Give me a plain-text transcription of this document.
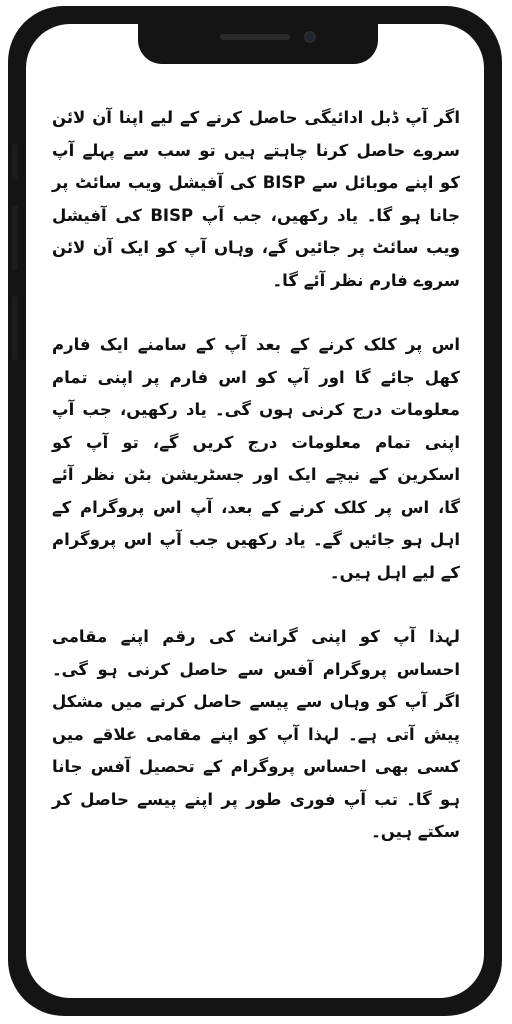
اگر آپ ڈبل ادائیگی حاصل کرنے کے لیے اپنا آن لائن سروے حاصل کرنا چاہتے ہیں تو سب سے پہلے آپ کو اپنے موبائل سے BISP کی آفیشل ویب سائٹ پر جانا ہو گا۔ یاد رکھیں، جب آپ BISP کی آفیشل ویب سائٹ پر جائیں گے، وہاں آپ کو ایک آن لائن سروے فارم نظر آئے گا۔

اس پر کلک کرنے کے بعد آپ کے سامنے ایک فارم کھل جائے گا اور آپ کو اس فارم پر اپنی تمام معلومات درج کرنی ہوں گی۔ یاد رکھیں، جب آپ اپنی تمام معلومات درج کریں گے، تو آپ کو اسکرین کے نیچے ایک اور جسٹریشن بٹن نظر آئے گا، اس پر کلک کرنے کے بعد، آپ اس پروگرام کے اہل ہو جائیں گے۔ یاد رکھیں جب آپ اس پروگرام کے لیے اہل ہیں۔

لہذا آپ کو اپنی گرانٹ کی رقم اپنے مقامی احساس پروگرام آفس سے حاصل کرنی ہو گی۔ اگر آپ کو وہاں سے پیسے حاصل کرنے میں مشکل پیش آتی ہے۔ لہذا آپ کو اپنے مقامی علاقے میں کسی بھی احساس پروگرام کے تحصیل آفس جانا ہو گا۔ تب آپ فوری طور پر اپنے پیسے حاصل کر سکتے ہیں۔
